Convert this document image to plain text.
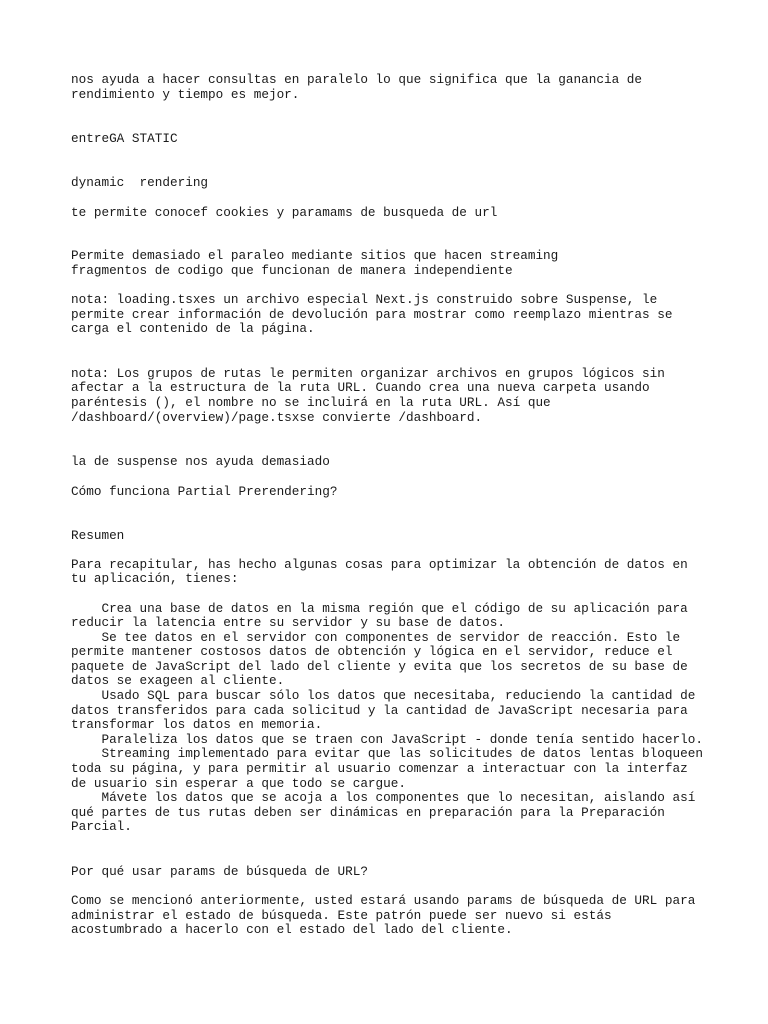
nos ayuda a hacer consultas en paralelo lo que significa que la ganancia de

rendimiento y tiempo es mejor.

entreGA STATIC

dynamic  rendering

te permite conocef cookies y paramams de busqueda de url

Permite demasiado el paraleo mediante sitios que hacen streaming

fragmentos de codigo que funcionan de manera independiente

nota: loading.tsxes un archivo especial Next.js construido sobre Suspense, le

permite crear información de devolución para mostrar como reemplazo mientras se

carga el contenido de la página.

nota: Los grupos de rutas le permiten organizar archivos en grupos lógicos sin

afectar a la estructura de la ruta URL. Cuando crea una nueva carpeta usando

paréntesis (), el nombre no se incluirá en la ruta URL. Así que

/dashboard/(overview)/page.tsxse convierte /dashboard.

la de suspense nos ayuda demasiado

Cómo funciona Partial Prerendering?

Resumen

Para recapitular, has hecho algunas cosas para optimizar la obtención de datos en

tu aplicación, tienes:

Crea una base de datos en la misma región que el código de su aplicación para

reducir la latencia entre su servidor y su base de datos.

Se tee datos en el servidor con componentes de servidor de reacción. Esto le

permite mantener costosos datos de obtención y lógica en el servidor, reduce el

paquete de JavaScript del lado del cliente y evita que los secretos de su base de

datos se exageen al cliente.

Usado SQL para buscar sólo los datos que necesitaba, reduciendo la cantidad de

datos transferidos para cada solicitud y la cantidad de JavaScript necesaria para

transformar los datos en memoria.

Paraleliza los datos que se traen con JavaScript - donde tenía sentido hacerlo.

Streaming implementado para evitar que las solicitudes de datos lentas bloqueen

toda su página, y para permitir al usuario comenzar a interactuar con la interfaz

de usuario sin esperar a que todo se cargue.

Mávete los datos que se acoja a los componentes que lo necesitan, aislando así

qué partes de tus rutas deben ser dinámicas en preparación para la Preparación

Parcial.

Por qué usar params de búsqueda de URL?

Como se mencionó anteriormente, usted estará usando params de búsqueda de URL para

administrar el estado de búsqueda. Este patrón puede ser nuevo si estás

acostumbrado a hacerlo con el estado del lado del cliente.
